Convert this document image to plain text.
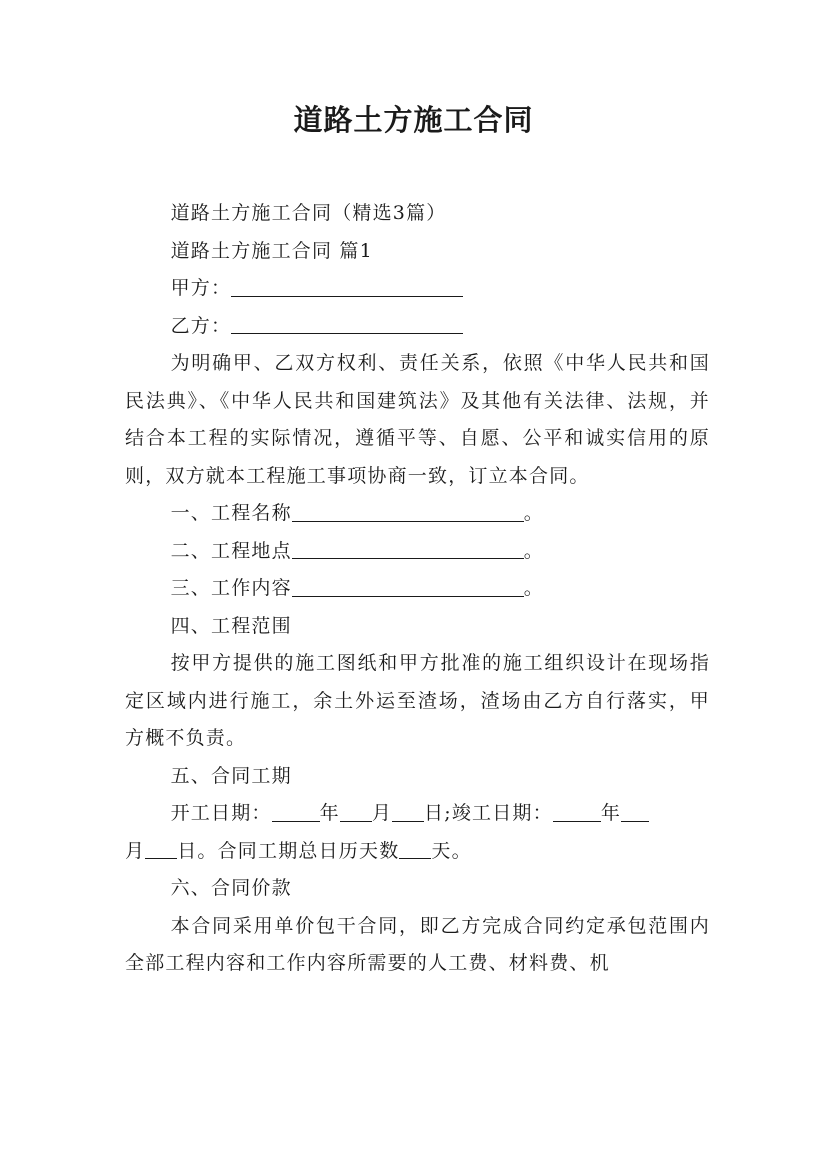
道路土方施工合同

道路土方施工合同（精选3篇）

道路土方施工合同 篇1

甲方：

乙方：

为明确甲、乙双方权利、责任关系，依照《中华人民共和国民法典》、《中华人民共和国建筑法》及其他有关法律、法规，并结合本工程的实际情况，遵循平等、自愿、公平和诚实信用的原则，双方就本工程施工事项协商一致，订立本合同。

一、工程名称	。

二、工程地点	。

三、工作内容	。

四、工程范围

按甲方提供的施工图纸和甲方批准的施工组织设计在现场指定区域内进行施工，余土外运至渣场，渣场由乙方自行落实，甲方概不负责。

五、合同工期

开工日期：	年 月 日;竣工日期：	年

月 日。合同工期总日历天数 天。

六、合同价款

本合同采用单价包干合同，即乙方完成合同约定承包范围内全部工程内容和工作内容所需要的人工费、材料费、机
